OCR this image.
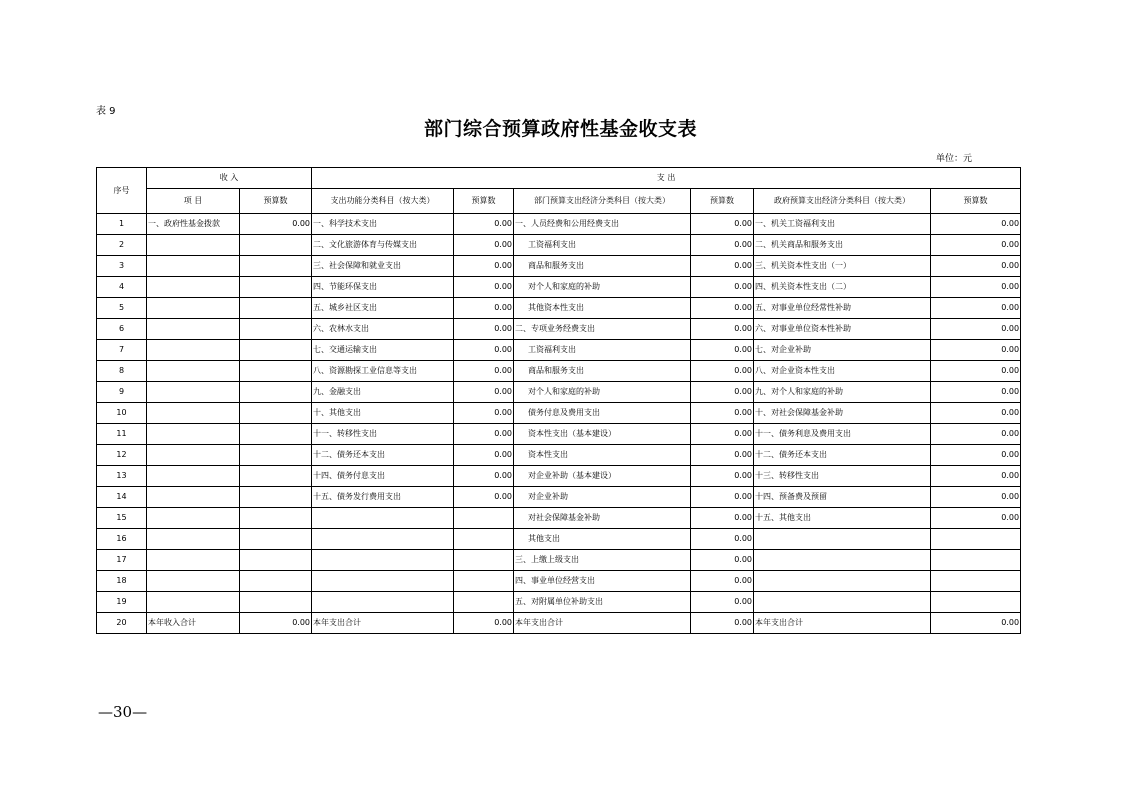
表 9
部门综合预算政府性基金收支表
单位：元
序号	收 入		支 出					
	项 目	预算数	支出功能分类科目（按大类）	预算数	部门预算支出经济分类科目（按大类）	预算数	政府预算支出经济分类科目（按大类）	预算数
1	一、政府性基金拨款	0.00	一、科学技术支出	0.00	一、人员经费和公用经费支出	0.00	一、机关工资福利支出	0.00
2			二、文化旅游体育与传媒支出	0.00	工资福利支出	0.00	二、机关商品和服务支出	0.00
3			三、社会保障和就业支出	0.00	商品和服务支出	0.00	三、机关资本性支出（一）	0.00
4			四、节能环保支出	0.00	对个人和家庭的补助	0.00	四、机关资本性支出（二）	0.00
5			五、城乡社区支出	0.00	其他资本性支出	0.00	五、对事业单位经常性补助	0.00
6			六、农林水支出	0.00	二、专项业务经费支出	0.00	六、对事业单位资本性补助	0.00
7			七、交通运输支出	0.00	工资福利支出	0.00	七、对企业补助	0.00
8			八、资源勘探工业信息等支出	0.00	商品和服务支出	0.00	八、对企业资本性支出	0.00
9			九、金融支出	0.00	对个人和家庭的补助	0.00	九、对个人和家庭的补助	0.00
10			十、其他支出	0.00	债务付息及费用支出	0.00	十、对社会保障基金补助	0.00
11			十一、转移性支出	0.00	资本性支出（基本建设）	0.00	十一、债务利息及费用支出	0.00
12			十二、债务还本支出	0.00	资本性支出	0.00	十二、债务还本支出	0.00
13			十四、债务付息支出	0.00	对企业补助（基本建设）	0.00	十三、转移性支出	0.00
14			十五、债务发行费用支出	0.00	对企业补助	0.00	十四、预备费及预留	0.00
15					对社会保障基金补助	0.00	十五、其他支出	0.00
16					其他支出	0.00		
17					三、上缴上级支出	0.00		
18					四、事业单位经营支出	0.00		
19					五、对附属单位补助支出	0.00		
20	本年收入合计	0.00	本年支出合计	0.00	本年支出合计	0.00	本年支出合计	0.00
—30—
